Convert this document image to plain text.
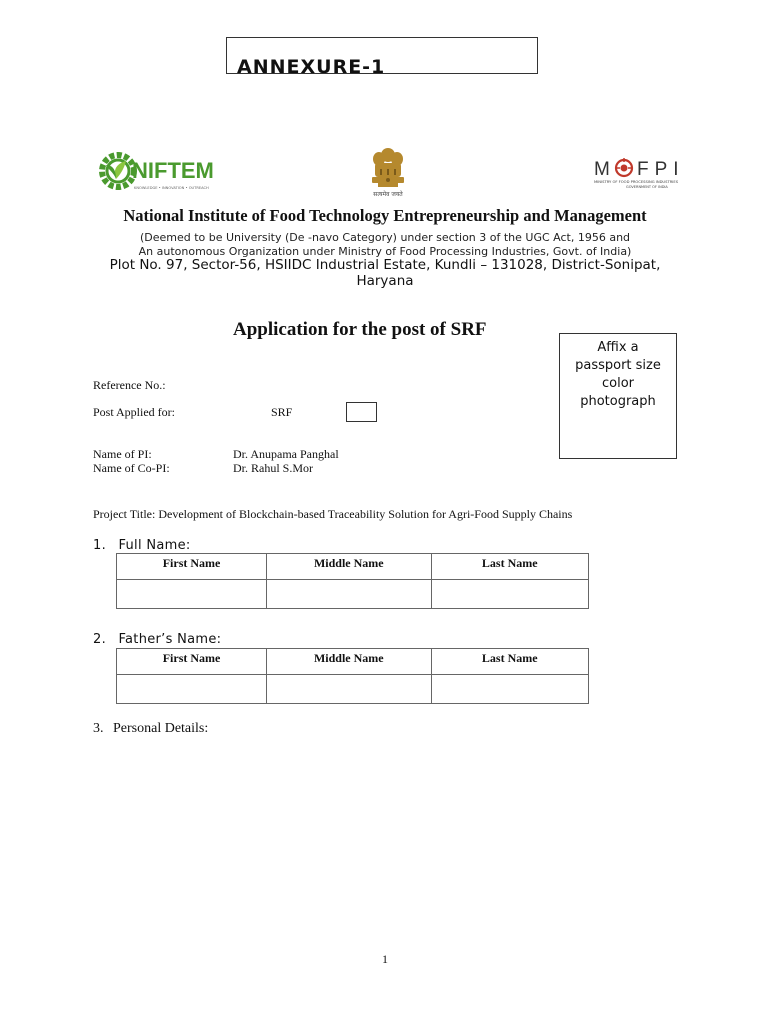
ANNEXURE-1
NIFTEM
KNOWLEDGE • INNOVATION • OUTREACH
सत्यमेव जयते
M FPI
MINISTRY OF FOOD PROCESSING INDUSTRIES
GOVERNMENT OF INDIA
National Institute of Food Technology Entrepreneurship and Management
(Deemed to be University (De -navo Category) under section 3 of the UGC Act, 1956 and
An autonomous Organization under Ministry of Food Processing Industries, Govt. of India)
Plot No. 97, Sector-56, HSIIDC Industrial Estate, Kundli – 131028, District-Sonipat,
Haryana
Application for the post of SRF
Affix a
passport size
color
photograph
Reference No.:
Post Applied for:	SRF
Name of PI:	Dr. Anupama Panghal
Name of Co-PI:	Dr. Rahul S.Mor
Project Title: Development of Blockchain-based Traceability Solution for Agri-Food Supply Chains
1. Full Name:
First Name	Middle Name	Last Name

2. Father’s Name:
First Name	Middle Name	Last Name

3. Personal Details:
1
